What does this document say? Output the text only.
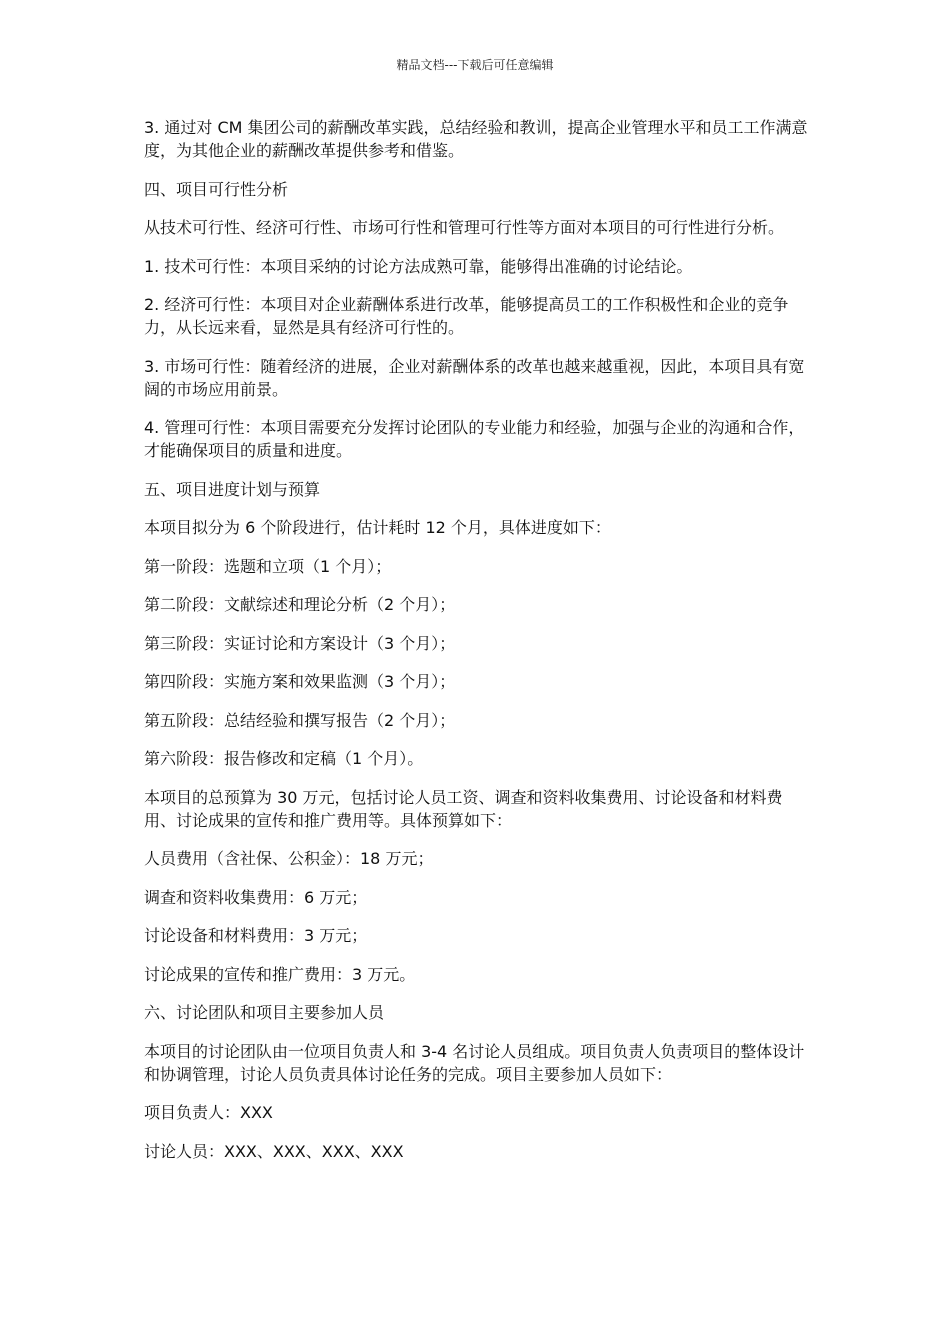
精品文档---下载后可任意编辑

3. 通过对 CM 集团公司的薪酬改革实践，总结经验和教训，提高企业管理水平和员工工作满意度，为其他企业的薪酬改革提供参考和借鉴。

四、项目可行性分析

从技术可行性、经济可行性、市场可行性和管理可行性等方面对本项目的可行性进行分析。

1. 技术可行性：本项目采纳的讨论方法成熟可靠，能够得出准确的讨论结论。

2. 经济可行性：本项目对企业薪酬体系进行改革，能够提高员工的工作积极性和企业的竞争力，从长远来看，显然是具有经济可行性的。

3. 市场可行性：随着经济的进展，企业对薪酬体系的改革也越来越重视，因此，本项目具有宽阔的市场应用前景。

4. 管理可行性：本项目需要充分发挥讨论团队的专业能力和经验，加强与企业的沟通和合作，才能确保项目的质量和进度。

五、项目进度计划与预算

本项目拟分为 6 个阶段进行，估计耗时 12 个月，具体进度如下：

第一阶段：选题和立项（1 个月）；

第二阶段：文献综述和理论分析（2 个月）；

第三阶段：实证讨论和方案设计（3 个月）；

第四阶段：实施方案和效果监测（3 个月）；

第五阶段：总结经验和撰写报告（2 个月）；

第六阶段：报告修改和定稿（1 个月）。

本项目的总预算为 30 万元，包括讨论人员工资、调查和资料收集费用、讨论设备和材料费用、讨论成果的宣传和推广费用等。具体预算如下：

人员费用（含社保、公积金）：18 万元；

调查和资料收集费用：6 万元；

讨论设备和材料费用：3 万元；

讨论成果的宣传和推广费用：3 万元。

六、讨论团队和项目主要参加人员

本项目的讨论团队由一位项目负责人和 3-4 名讨论人员组成。项目负责人负责项目的整体设计和协调管理，讨论人员负责具体讨论任务的完成。项目主要参加人员如下：

项目负责人：XXX

讨论人员：XXX、XXX、XXX、XXX
